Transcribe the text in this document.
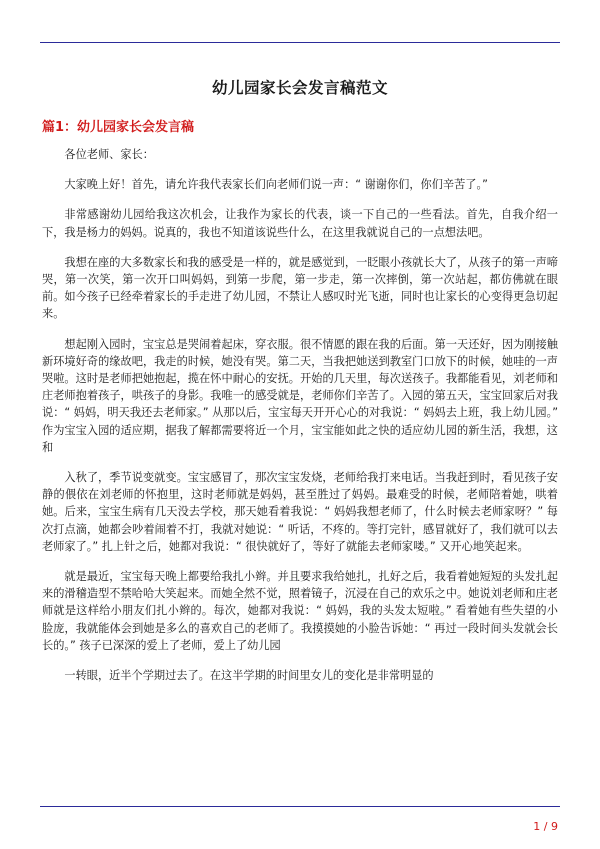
幼儿园家长会发言稿范文
篇1：幼儿园家长会发言稿

各位老师、家长：

大家晚上好！首先，请允许我代表家长们向老师们说一声：“ 谢谢你们，你们辛苦了。”

非常感谢幼儿园给我这次机会，让我作为家长的代表，谈一下自己的一些看法。首先，自我介绍一下，我是杨力的妈妈。说真的，我也不知道该说些什么，在这里我就说自己的一点想法吧。

我想在座的大多数家长和我的感受是一样的，就是感觉到，一眨眼小孩就长大了，从孩子的第一声啼哭，第一次笑，第一次开口叫妈妈，到第一步爬，第一步走，第一次摔倒，第一次站起，都仿佛就在眼前。如今孩子已经牵着家长的手走进了幼儿园，不禁让人感叹时光飞逝，同时也让家长的心变得更急切起来。

想起刚入园时，宝宝总是哭闹着起床，穿衣服。很不情愿的跟在我的后面。第一天还好，因为刚接触新环境好奇的缘故吧，我走的时候，她没有哭。第二天，当我把她送到教室门口放下的时候，她哇的一声哭啦。这时是老师把她抱起，揽在怀中耐心的安抚。开始的几天里，每次送孩子。我都能看见，刘老师和庄老师抱着孩子，哄孩子的身影。我唯一的感受就是，老师你们辛苦了。入园的第五天，宝宝回家后对我说：“ 妈妈，明天我还去老师家。” 从那以后，宝宝每天开开心心的对我说：“ 妈妈去上班，我上幼儿园。” 作为宝宝入园的适应期，据我了解都需要将近一个月，宝宝能如此之快的适应幼儿园的新生活，我想，这和

入秋了，季节说变就变。宝宝感冒了，那次宝宝发烧，老师给我打来电话。当我赶到时，看见孩子安静的偎依在刘老师的怀抱里，这时老师就是妈妈，甚至胜过了妈妈。最难受的时候，老师陪着她，哄着她。后来，宝宝生病有几天没去学校，那天她看着我说：“ 妈妈我想老师了，什么时候去老师家呀？” 每次打点滴，她都会吵着闹着不打，我就对她说：“ 听话，不疼的。等打完针，感冒就好了，我们就可以去老师家了。” 扎上针之后，她都对我说：“ 很快就好了，等好了就能去老师家喽。” 又开心地笑起来。

就是最近，宝宝每天晚上都要给我扎小辫。并且要求我给她扎，扎好之后，我看着她短短的头发扎起来的滑稽造型不禁哈哈大笑起来。而她全然不觉，照着镜子，沉浸在自己的欢乐之中。她说刘老师和庄老师就是这样给小朋友们扎小辫的。每次，她都对我说：“ 妈妈，我的头发太短啦。” 看着她有些失望的小脸庞，我就能体会到她是多么的喜欢自己的老师了。我摸摸她的小脸告诉她：“ 再过一段时间头发就会长长的。” 孩子已深深的爱上了老师，爱上了幼儿园

一转眼，近半个学期过去了。在这半学期的时间里女儿的变化是非常明显的

1 / 9
